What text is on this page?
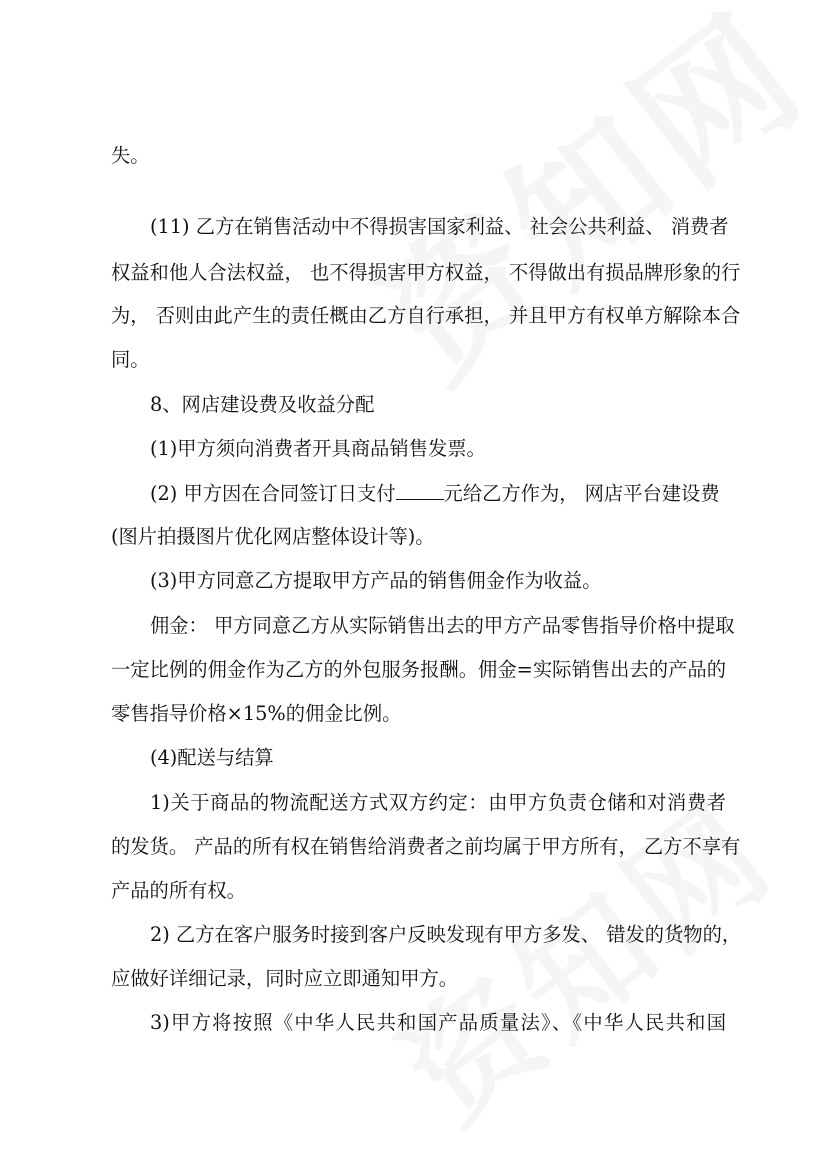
失。
(11) 乙方在销售活动中不得损害国家利益、 社会公共利益、 消费者
权益和他人合法权益， 也不得损害甲方权益， 不得做出有损品牌形象的行
为， 否则由此产生的责任概由乙方自行承担， 并且甲方有权单方解除本合
同。
8、网店建设费及收益分配
(1)甲方须向消费者开具商品销售发票。
(2) 甲方因在合同签订日支付 元给乙方作为， 网店平台建设费
(图片拍摄图片优化网店整体设计等)。
(3)甲方同意乙方提取甲方产品的销售佣金作为收益。
佣金： 甲方同意乙方从实际销售出去的甲方产品零售指导价格中提取
一定比例的佣金作为乙方的外包服务报酬。佣金=实际销售出去的产品的
零售指导价格×15%的佣金比例。
(4)配送与结算
1)关于商品的物流配送方式双方约定：由甲方负责仓储和对消费者
的发货。 产品的所有权在销售给消费者之前均属于甲方所有， 乙方不享有
产品的所有权。
2) 乙方在客户服务时接到客户反映发现有甲方多发、 错发的货物的，
应做好详细记录，同时应立即通知甲方。
3)甲方将按照《中华人民共和国产品质量法》、《中华人民共和国
